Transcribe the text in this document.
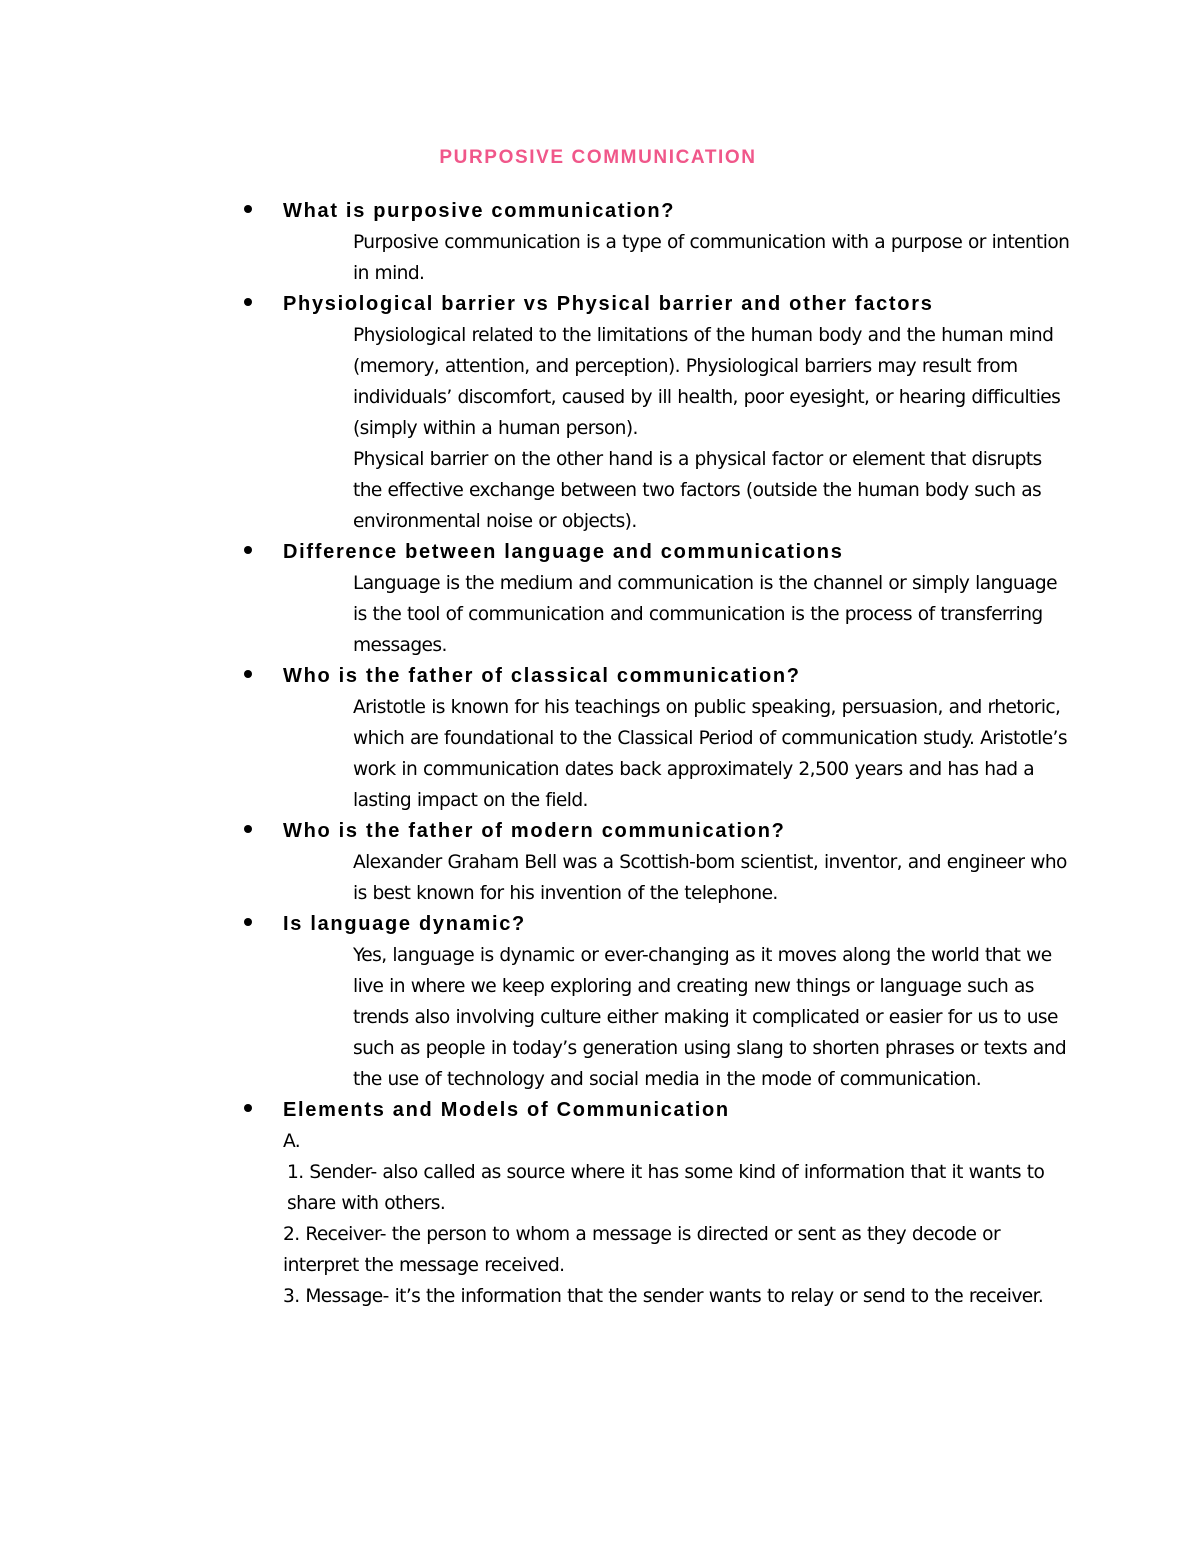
PURPOSIVE COMMUNICATION
What is purposive communication?

Purposive communication is a type of communication with a purpose or intention in mind.

Physiological barrier vs Physical barrier and other factors

Physiological related to the limitations of the human body and the human mind (memory, attention, and perception). Physiological barriers may result from individuals’ discomfort, caused by ill health, poor eyesight, or hearing difficulties (simply within a human person).

Physical barrier on the other hand is a physical factor or element that disrupts the effective exchange between two factors (outside the human body such as environmental noise or objects).

Difference between language and communications

Language is the medium and communication is the channel or simply language is the tool of communication and communication is the process of transferring messages.

Who is the father of classical communication?

Aristotle is known for his teachings on public speaking, persuasion, and rhetoric, which are foundational to the Classical Period of communication study. Aristotle’s work in communication dates back approximately 2,500 years and has had a lasting impact on the field.

Who is the father of modern communication?

Alexander Graham Bell was a Scottish-bom scientist, inventor, and engineer who is best known for his invention of the telephone.

Is language dynamic?

Yes, language is dynamic or ever-changing as it moves along the world that we live in where we keep exploring and creating new things or language such as trends also involving culture either making it complicated or easier for us to use such as people in today’s generation using slang to shorten phrases or texts and the use of technology and social media in the mode of communication.

Elements and Models of Communication

A.

1. Sender- also called as source where it has some kind of information that it wants to share with others.

2. Receiver- the person to whom a message is directed or sent as they decode or interpret the message received.

3. Message- it’s the information that the sender wants to relay or send to the receiver.
